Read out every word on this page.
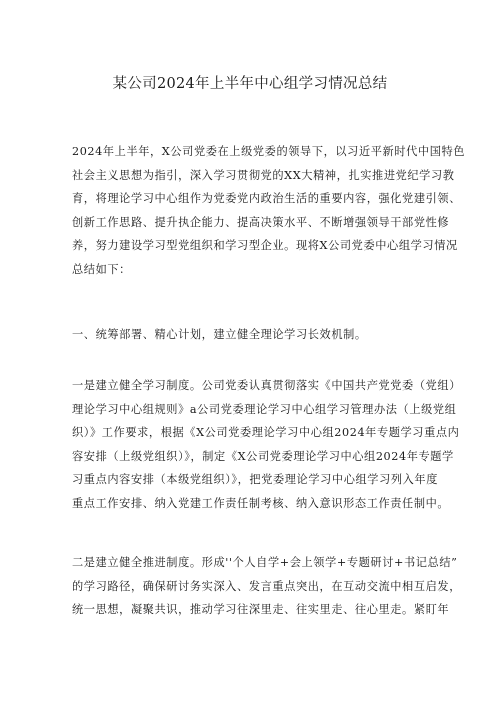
某公司2024年上半年中心组学习情况总结
2024年上半年，X公司党委在上级党委的领导下，以习近平新时代中国特色
社会主义思想为指引，深入学习贯彻党的XX大精神，扎实推进党纪学习教
育，将理论学习中心组作为党委党内政治生活的重要内容，强化党建引领、
创新工作思路、提升执企能力、提高决策水平、不断增强领导干部党性修
养，努力建设学习型党组织和学习型企业。现将X公司党委中心组学习情况
总结如下：
一、统筹部署、精心计划，建立健全理论学习长效机制。
一是建立健全学习制度。公司党委认真贯彻落实《中国共产党党委（党组）
理论学习中心组规则》a公司党委理论学习中心组学习管理办法（上级党组
织）》工作要求，根据《X公司党委理论学习中心组2024年专题学习重点内
容安排（上级党组织）》，制定《X公司党委理论学习中心组2024年专题学
习重点内容安排（本级党组织）》，把党委理论学习中心组学习列入年度
重点工作安排、纳入党建工作责任制考核、纳入意识形态工作责任制中。
二是建立健全推进制度。形成''个人自学+会上领学+专题研讨+书记总结”
的学习路径，确保研讨务实深入、发言重点突出，在互动交流中相互启发，
统一思想，凝聚共识，推动学习往深里走、往实里走、往心里走。紧盯年
